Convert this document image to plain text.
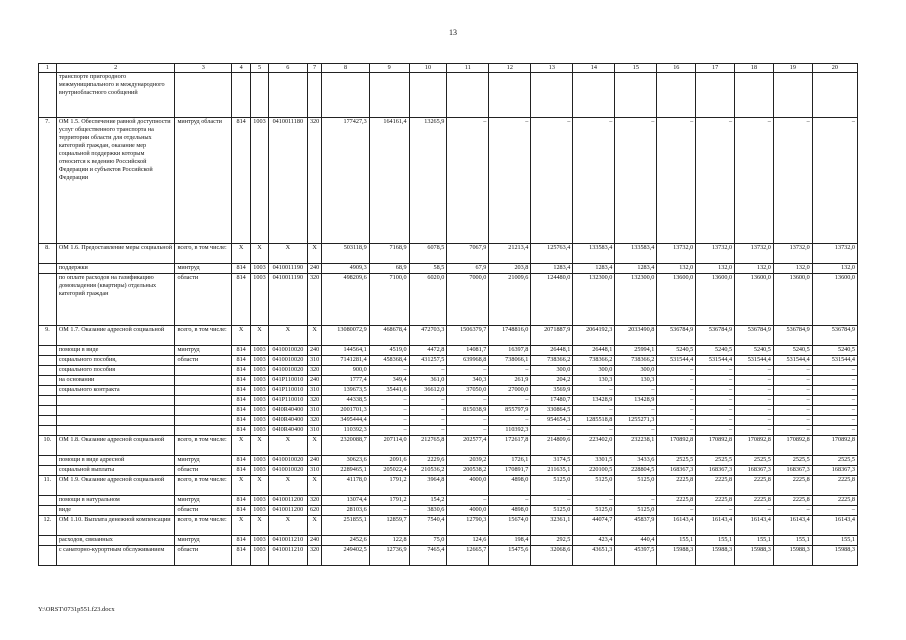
13
1	2	3	4	5	6	7	8	9	10	11	12	13	14	15	16	17	18	19	20
	транспорте пригородного межмуниципального и международного внутриобластного сообщений																		
7.	ОМ 1.5. Обеспечение равной доступности услуг общественного транспорта на территории области для отдельных категорий граждан, оказание мер социальной поддержки которым относится к ведению Российской Федерации и субъектов Российской Федерации	минтруд области	814	1003	0410011180	320	177427,3	164161,4	13265,9	–	–	–	–	–	–	–	–	–	–
8.	ОМ 1.6. Предоставление меры социальной	всего, в том числе:	X	X	X	X	503118,9	7168,9	6078,5	7067,9	21213,4	125763,4	133583,4	133583,4	13732,0	13732,0	13732,0	13732,0	13732,0
	поддержки	минтруд	814	1003	0410011190	240	4909,3	68,9	58,5	67,9	203,8	1283,4	1283,4	1283,4	132,0	132,0	132,0	132,0	132,0
	по оплате расходов на газификацию домовладения (квартиры) отдельных категорий граждан	области	814	1003	0410011190	320	498209,6	7100,0	6020,0	7000,0	21009,6	124480,0	132300,0	132300,0	13600,0	13600,0	13600,0	13600,0	13600,0
9.	ОМ 1.7. Оказание адресной социальной	всего, в том числе:	X	X	X	X	13080072,9	468678,4	472703,3	1506379,7	1748816,0	2071887,9	2064192,3	2033490,8	536784,9	536784,9	536784,9	536784,9	536784,9
	помощи в виде	минтруд	814	1003	0410010020	240	144564,1	4519,0	4472,8	14081,7	16397,8	26448,1	26448,1	25994,1	5240,5	5240,5	5240,5	5240,5	5240,5
	социального пособия,	области	814	1003	0410010020	310	7141281,4	458368,4	431257,5	639968,8	738066,1	738366,2	738366,2	738366,2	531544,4	531544,4	531544,4	531544,4	531544,4
	социального пособия		814	1003	0410010020	320	900,0	–	–	–	–	300,0	300,0	300,0	–	–	–	–	–
	на основании		814	1003	041P110010	240	1777,4	349,4	361,0	340,3	261,9	204,2	130,3	130,3	–	–	–	–	–
	социального контракта		814	1003	041P110010	310	139673,5	35441,6	36612,0	37050,0	27000,0	3569,9	–	–	–	–	–	–	–
			814	1003	041P110010	320	44338,5	–	–	–	–	17480,7	13428,9	13428,9	–	–	–	–	–
			814	1003	04I0R40400	310	2001701,3	–	–	815038,9	855797,9	330864,5	–	–	–	–	–	–	–
			814	1003	04I0R40400	320	3495444,4	–	–	–	–	954654,3	1285518,8	1255271,3	–	–	–	–	–
			814	1003	04I0R40400	310	110392,3	–	–	–	110392,3	–	–	–	–	–	–	–	–
10.	ОМ 1.8. Оказание адресной социальной	всего, в том числе:	X	X	X	X	2320088,7	207114,0	212765,8	202577,4	172617,8	214809,6	223402,0	232238,1	170892,8	170892,8	170892,8	170892,8	170892,8
	помощи в виде адресной	минтруд	814	1003	0410010020	240	30623,6	2091,6	2229,6	2039,2	1726,1	3174,5	3301,5	3433,6	2525,5	2525,5	2525,5	2525,5	2525,5
	социальной выплаты	области	814	1003	0410010020	310	2289465,1	205022,4	210536,2	200538,2	170891,7	211635,1	220100,5	228804,5	168367,3	168367,3	168367,3	168367,3	168367,3
11.	ОМ 1.9. Оказание адресной социальной	всего, в том числе:	X	X	X	X	41178,0	1791,2	3964,8	4000,0	4898,0	5125,0	5125,0	5125,0	2225,8	2225,8	2225,8	2225,8	2225,8
	помощи в натуральном	минтруд	814	1003	0410011200	320	13074,4	1791,2	154,2	–	–	–	–	–	2225,8	2225,8	2225,8	2225,8	2225,8
	виде	области	814	1003	0410011200	620	28103,6	–	3830,6	4000,0	4898,0	5125,0	5125,0	5125,0	–	–	–	–	–
12.	ОМ 1.10. Выплата денежной компенсации	всего, в том числе:	X	X	X	X	251855,1	12859,7	7540,4	12790,3	15674,0	32361,1	44074,7	45837,9	16143,4	16143,4	16143,4	16143,4	16143,4
	расходов, связанных	минтруд	814	1003	0410011210	240	2452,6	122,8	75,0	124,6	198,4	292,5	423,4	440,4	155,1	155,1	155,1	155,1	155,1
	с санаторно-курортным обслуживанием	области	814	1003	0410011210	320	249402,5	12736,9	7465,4	12665,7	15475,6	32068,6	43651,3	45397,5	15988,3	15988,3	15988,3	15988,3	15988,3
Y:\ORST\0731p551.f23.docx
